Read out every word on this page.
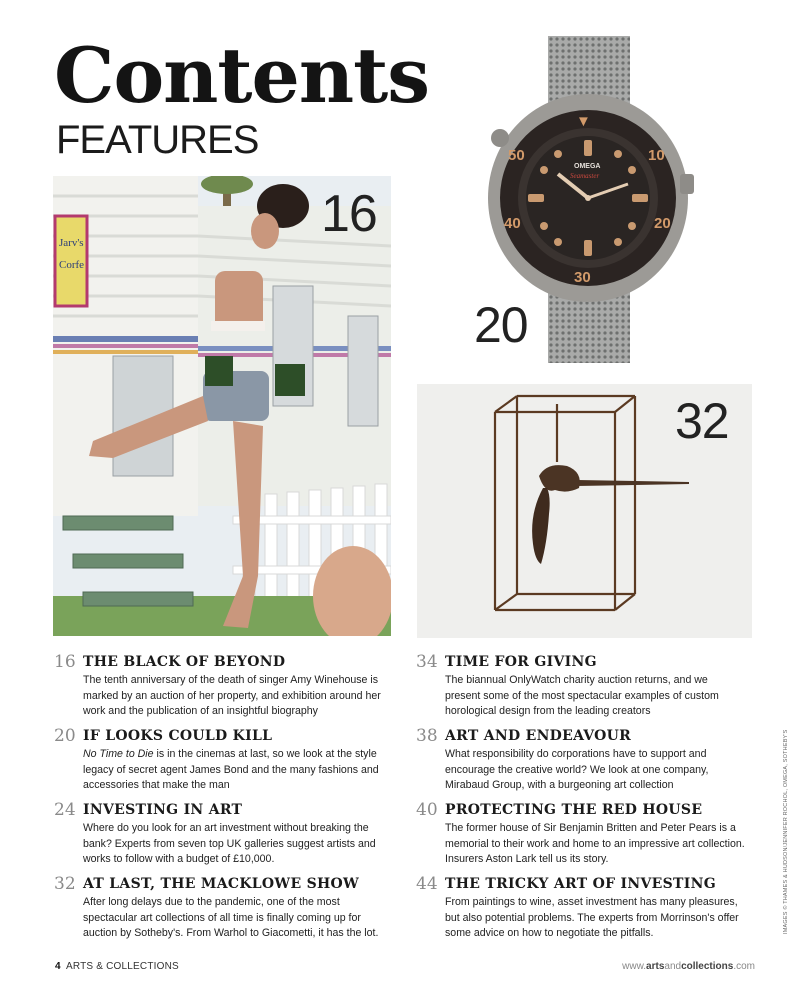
Contents
FEATURES
Jarv's
Corfe
16
▼
10
20
30
40
50
OMEGA
Seamaster
20
32
16 THE BLACK OF BEYOND
The tenth anniversary of the death of singer Amy Winehouse is marked by an auction of her property, and exhibition around her work and the publication of an insightful biography
20 IF LOOKS COULD KILL
No Time to Die is in the cinemas at last, so we look at the style legacy of secret agent James Bond and the many fashions and accessories that make the man
24 INVESTING IN ART
Where do you look for an art investment without breaking the bank? Experts from seven top UK galleries suggest artists and works to follow with a budget of £10,000.
32 AT LAST, THE MACKLOWE SHOW
After long delays due to the pandemic, one of the most spectacular art collections of all time is finally coming up for auction by Sotheby's. From Warhol to Giacometti, it has the lot.
34 TIME FOR GIVING
The biannual OnlyWatch charity auction returns, and we present some of the most spectacular examples of custom horological design from the leading creators
38 ART AND ENDEAVOUR
What responsibility do corporations have to support and encourage the creative world? We look at one company, Mirabaud Group, with a burgeoning art collection
40 PROTECTING THE RED HOUSE
The former house of Sir Benjamin Britten and Peter Pears is a memorial to their work and home to an impressive art collection. Insurers Aston Lark tell us its story.
44 THE TRICKY ART OF INVESTING
From paintings to wine, asset investment has many pleasures, but also potential problems. The experts from Morrinson's offer some advice on how to negotiate the pitfalls.	IMAGES © THAMES & HUDSON/JENNIFER ROCHOL, OMEGA, SOTHEBY'S
4 ARTS & COLLECTIONS	www.artsandcollections.com
